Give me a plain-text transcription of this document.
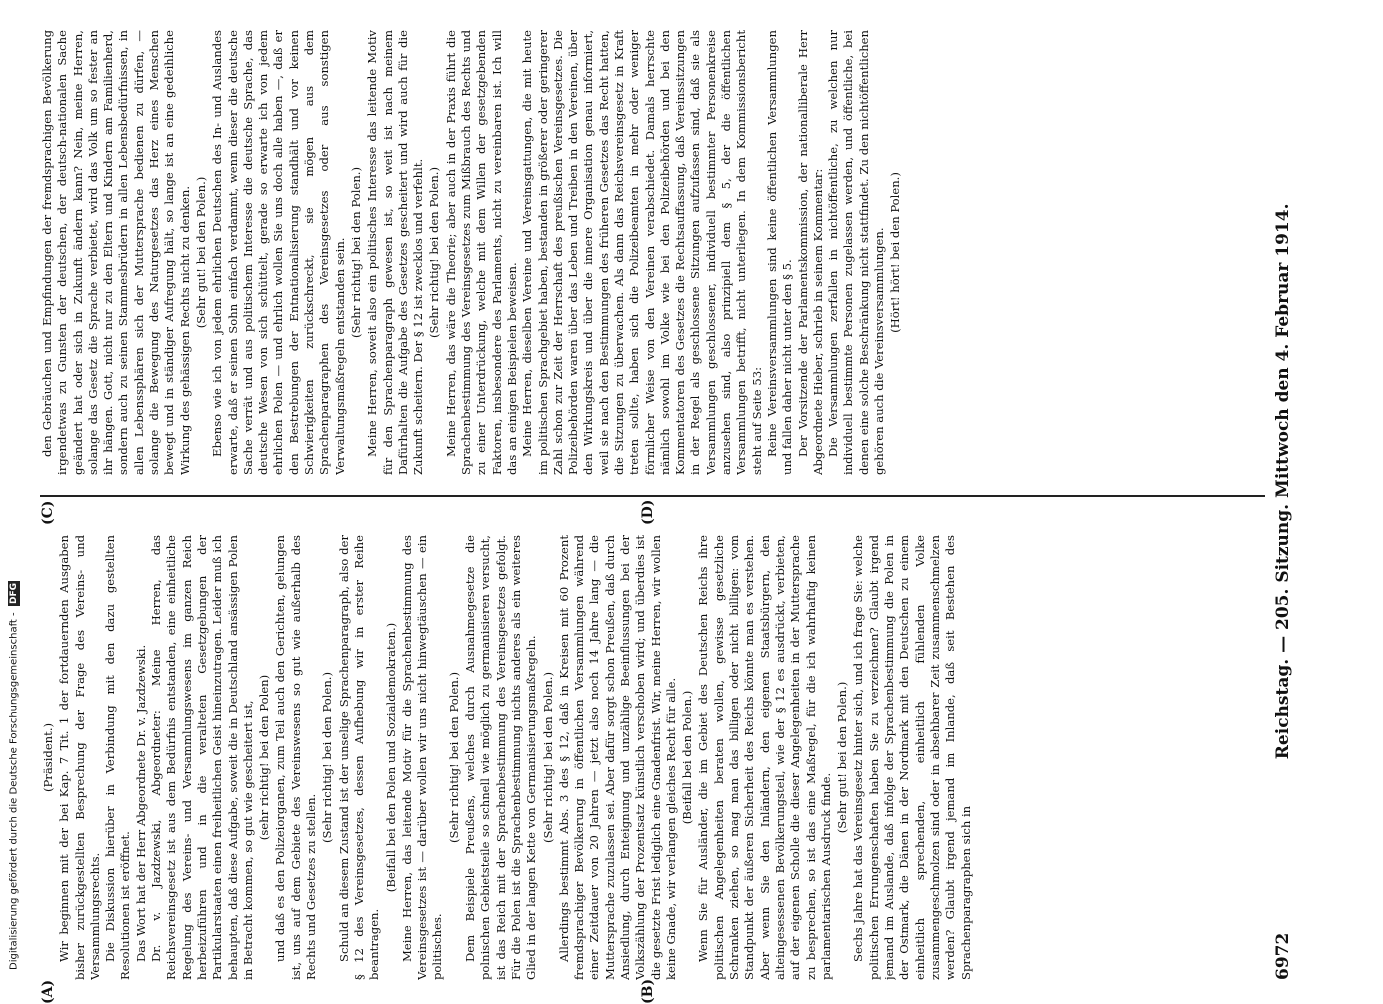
Digitalisierung gefördert durch die Deutsche Forschungsgemeinschaft -
DFG
6972
Reichstag. — 205. Sitzung. Mittwoch den 4. Februar 1914.

(Präsident.) Wir beginnen mit der bei Kap. 7 Tit. 1 der fortdauernden Ausgaben bisher zurückgestellten Besprechung der Frage des Vereins- und Versammlungsrechts. Die Diskussion hierüber in Verbindung mit den dazu gestellten Resolutionen ist eröffnet. Das Wort hat der Herr Abgeordnete Dr. v. Jazdzewski. Dr. v. Jazdzewski, Abgeordneter: Meine Herren, das Reichsvereinsgesetz ist aus dem Bedürfnis entstanden, eine einheitliche Regelung des Vereins- und Versammlungswesens im ganzen Reich herbeizuführen und in die veralteten Gesetzgebungen der Partikularstaaten einen freiheitlichen Geist hineinzutragen. Leider muß ich behaupten, daß diese Aufgabe, soweit die in Deutschland ansässigen Polen in Betracht kommen, so gut wie gescheitert ist, (sehr richtig! bei den Polen) und daß es den Polizeiorganen, zum Teil auch den Gerichten, gelungen ist, uns auf dem Gebiete des Vereinswesens so gut wie außerhalb des Rechts und Gesetzes zu stellen.

(Sehr richtig! bei den Polen.) Schuld an diesem Zustand ist der unselige Sprachenparagraph, also der § 12 des Vereinsgesetzes, dessen Aufhebung wir in erster Reihe beantragen.

(Beifall bei den Polen und Sozialdemokraten.) Meine Herren, das leitende Motiv für die Sprachenbestimmung des Vereinsgesetzes ist — darüber wollen wir uns nicht hinwegtäuschen — ein politisches.

(Sehr richtig! bei den Polen.) Dem Beispiele Preußens, welches durch Ausnahmegesetze die polnischen Gebietsteile so schnell wie möglich zu germanisieren versucht, ist das Reich mit der Sprachenbestimmung des Vereinsgesetzes gefolgt. Für die Polen ist die Sprachenbestimmung nichts anderes als ein weiteres Glied in der langen Kette von Germanisierungsmaßregeln. (Sehr richtig! bei den Polen.) Allerdings bestimmt Abs. 3 des § 12, daß in Kreisen mit 60 Prozent fremdsprachiger Bevölkerung in öffentlichen Versammlungen während einer Zeitdauer von 20 Jahren — jetzt also noch 14 Jahre lang — die Muttersprache zuzulassen sei. Aber dafür sorgt schon Preußen, daß durch Ansiedlung, durch Enteignung und unzählige Beeinflussungen bei der Volkszählung der Prozentsatz künstlich verschoben wird; und überdies ist die gesetzte Frist lediglich eine Gnadenfrist. Wir, meine Herren, wir wollen keine Gnade, wir verlangen gleiches Recht für alle. (Beifall bei den Polen.) Wenn Sie für Ausländer, die im Gebiet des Deutschen Reichs ihre politischen Angelegenheiten beraten wollen, gewisse gesetzliche Schranken ziehen, so mag man das billigen oder nicht billigen: vom Standpunkt der äußeren Sicherheit des Reichs könnte man es verstehen. Aber wenn Sie den Inländern, den eigenen Staatsbürgern, den alteingesessenen Bevölkerungsteil, wie der § 12 es ausdrückt, verbieten, auf der eigenen Scholle die dieser Angelegenheiten in der Muttersprache zu besprechen, so ist das eine Maßregel, für die ich wahrhaftig keinen parlamentarischen Ausdruck finde.

(Sehr gut! bei den Polen.) Sechs Jahre hat das Vereinsgesetz hinter sich, und ich frage Sie: welche politischen Errungenschaften haben Sie zu verzeichnen? Glaubt irgend jemand im Auslande, daß infolge der Sprachenbestimmung die Polen in der Ostmark, die Dänen in der Nordmark mit den Deutschen zu einem einheitlich sprechenden, einheitlich fühlenden Volke zusammengeschmolzen sind oder in absehbarer Zeit zusammenschmelzen werden? Glaubt irgend jemand im Inlande, daß seit Bestehen des Sprachenparagraphen sich in

den Gebräuchen und Empfindungen der fremdsprachigen Bevölkerung irgendetwas zu Gunsten der deutschen, der deutsch-nationalen Sache geändert hat oder sich in Zukunft ändern kann? Nein, meine Herren, solange das Gesetz die Sprache verbietet, wird das Volk um so fester an ihr hängen. Gott, nicht nur zu den Eltern und Kindern am Familienherd, sondern auch zu seinen Stammesbrüdern in allen Lebensbedürfnissen, in allen Lebenssphären sich der Muttersprache bedienen zu dürfen, — solange die Bewegung des Naturgesetzes das Herz eines Menschen bewegt und in ständiger Aufregung hält, so lange ist an eine gedeihliche Wirkung des gehässigen Rechts nicht zu denken. (Sehr gut! bei den Polen.) Ebenso wie ich von jedem ehrlichen Deutschen des In- und Auslandes erwarte, daß er seinen Sohn einfach verdammt, wenn dieser die deutsche Sache verrät und aus politischem Interesse die deutsche Sprache, das deutsche Wesen von sich schüttelt, gerade so erwarte ich von jedem ehrlichen Polen — und ehrlich wollen Sie uns doch alle haben —, daß er den Bestrebungen der Entnationalisierung standhält und vor keinen Schwierigkeiten zurückschreckt, sie mögen aus dem Sprachenparagraphen des Vereinsgesetzes oder aus sonstigen Verwaltungsmaßregeln entstanden sein. (Sehr richtig! bei den Polen.) Meine Herren, soweit also ein politisches Interesse das leitende Motiv für den Sprachenparagraph gewesen ist, so weit ist nach meinem Dafürhalten die Aufgabe des Gesetzes gescheitert und wird auch für die Zukunft scheitern. Der § 12 ist zwecklos und verfehlt. (Sehr richtig! bei den Polen.) Meine Herren, das wäre die Theorie; aber auch in der Praxis führt die Sprachenbestimmung des Vereinsgesetzes zum Mißbrauch des Rechts und zu einer Unterdrückung, welche mit dem Willen der gesetzgebenden Faktoren, insbesondere des Parlaments, nicht zu vereinbaren ist. Ich will das an einigen Beispielen beweisen. Meine Herren, dieselben Vereine und Vereinsgattungen, die mit heute im politischen Sprachgebiet haben, bestanden in größerer oder geringerer Zahl schon zur Zeit der Herrschaft des preußischen Vereinsgesetzes. Die Polizeibehörden waren über das Leben und Treiben in den Vereinen, über den Wirkungskreis und über die innere Organisation genau informiert, weil sie nach den Bestimmungen des früheren Gesetzes das Recht hatten, die Sitzungen zu überwachen. Als dann das Reichsvereinsgesetz in Kraft treten sollte, haben sich die Polizeibeamten in mehr oder weniger förmlicher Weise von den Vereinen verabschiedet. Damals herrschte nämlich sowohl im Volke wie bei den Polizeibehörden und bei den Kommentatoren des Gesetzes die Rechtsauffassung, daß Vereinssitzungen in der Regel als geschlossene Sitzungen aufzufassen sind, daß sie als Versammlungen geschlossener, individuell bestimmter Personenkreise anzusehen sind, also prinzipiell dem § 5, der die öffentlichen Versammlungen betrifft, nicht unterliegen. In dem Kommissionsbericht steht auf Seite 53: Reine Vereinsversammlungen sind keine öffentlichen Versammlungen und fallen daher nicht unter den § 5. Der Vorsitzende der Parlamentskommission, der nationalliberale Herr Abgeordnete Hieber, schrieb in seinem Kommentar: Die Versammlungen zerfallen in nichtöffentliche, zu welchen nur individuell bestimmte Personen zugelassen werden, und öffentliche, bei denen eine solche Beschränkung nicht stattfindet. Zu den nichtöffentlichen gehören auch die Vereinsversammlungen. (Hört! hört! bei den Polen.)

(A)	(B)
(C)	(D)
